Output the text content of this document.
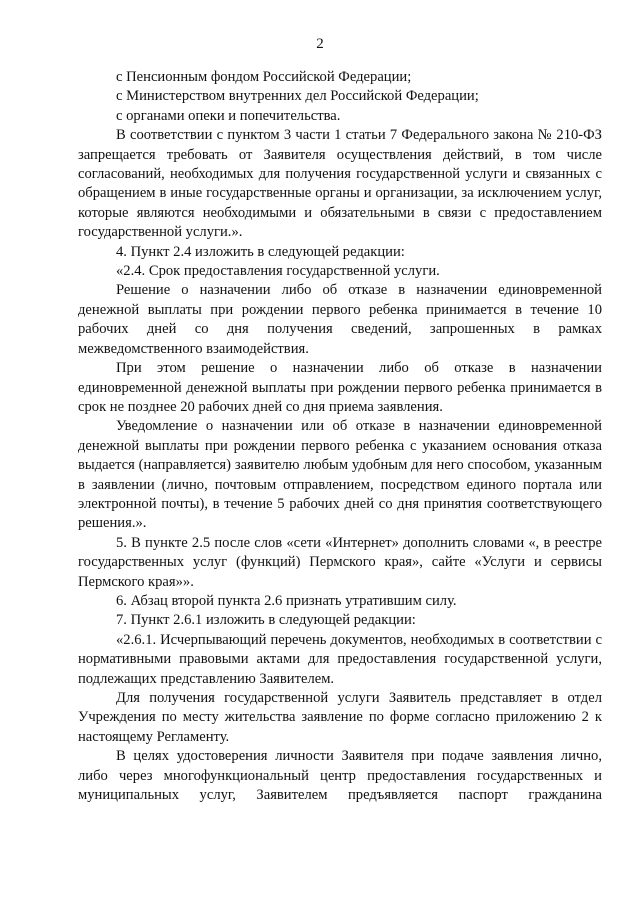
2

с Пенсионным фондом Российской Федерации;

с Министерством внутренних дел Российской Федерации;

с органами опеки и попечительства.

В соответствии с пунктом 3 части 1 статьи 7 Федерального закона № 210-ФЗ запрещается требовать от Заявителя осуществления действий, в том числе согласований, необходимых для получения государственной услуги и связанных с обращением в иные государственные органы и организации, за исключением услуг, которые являются необходимыми и обязательными в связи с предоставлением государственной услуги.».

4. Пункт 2.4 изложить в следующей редакции:

«2.4. Срок предоставления государственной услуги.

Решение о назначении либо об отказе в назначении единовременной денежной выплаты при рождении первого ребенка принимается в течение 10 рабочих дней со дня получения сведений, запрошенных в рамках межведомственного взаимодействия.

При этом решение о назначении либо об отказе в назначении единовременной денежной выплаты при рождении первого ребенка принимается в срок не позднее 20 рабочих дней со дня приема заявления.

Уведомление о назначении или об отказе в назначении единовременной денежной выплаты при рождении первого ребенка с указанием основания отказа выдается (направляется) заявителю любым удобным для него способом, указанным в заявлении (лично, почтовым отправлением, посредством единого портала или электронной почты), в течение 5 рабочих дней со дня принятия соответствующего решения.».

5. В пункте 2.5 после слов «сети «Интернет» дополнить словами «, в реестре государственных услуг (функций) Пермского края», сайте «Услуги и сервисы Пермского края»».

6. Абзац второй пункта 2.6 признать утратившим силу.

7. Пункт 2.6.1 изложить в следующей редакции:

«2.6.1. Исчерпывающий перечень документов, необходимых в соответствии с нормативными правовыми актами для предоставления государственной услуги, подлежащих представлению Заявителем.

Для получения государственной услуги Заявитель представляет в отдел Учреждения по месту жительства заявление по форме согласно приложению 2 к настоящему Регламенту.

В целях удостоверения личности Заявителя при подаче заявления лично, либо через многофункциональный центр предоставления государственных и муниципальных услуг, Заявителем предъявляется паспорт гражданина
